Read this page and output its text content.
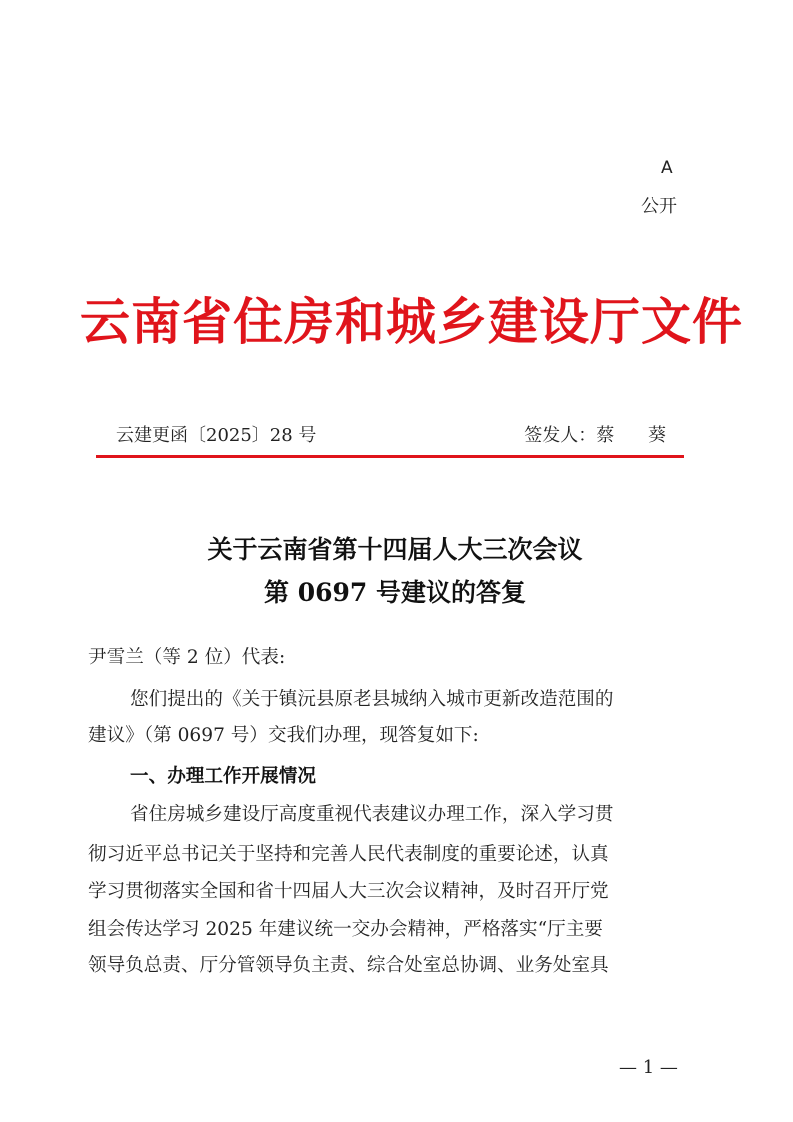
A
公开
云南省住房和城乡建设厅文件
云建更函〔2025〕28 号	签发人：蔡 葵
关于云南省第十四届人大三次会议
第 0697 号建议的答复
尹雪兰（等 2 位）代表:
您们提出的《关于镇沅县原老县城纳入城市更新改造范围的
建议》（第 0697 号）交我们办理，现答复如下:
一、办理工作开展情况
省住房城乡建设厅高度重视代表建议办理工作，深入学习贯
彻习近平总书记关于坚持和完善人民代表制度的重要论述，认真
学习贯彻落实全国和省十四届人大三次会议精神，及时召开厅党
组会传达学习 2025 年建议统一交办会精神，严格落实“厅主要
领导负总责、厅分管领导负主责、综合处室总协调、业务处室具
— 1 —
